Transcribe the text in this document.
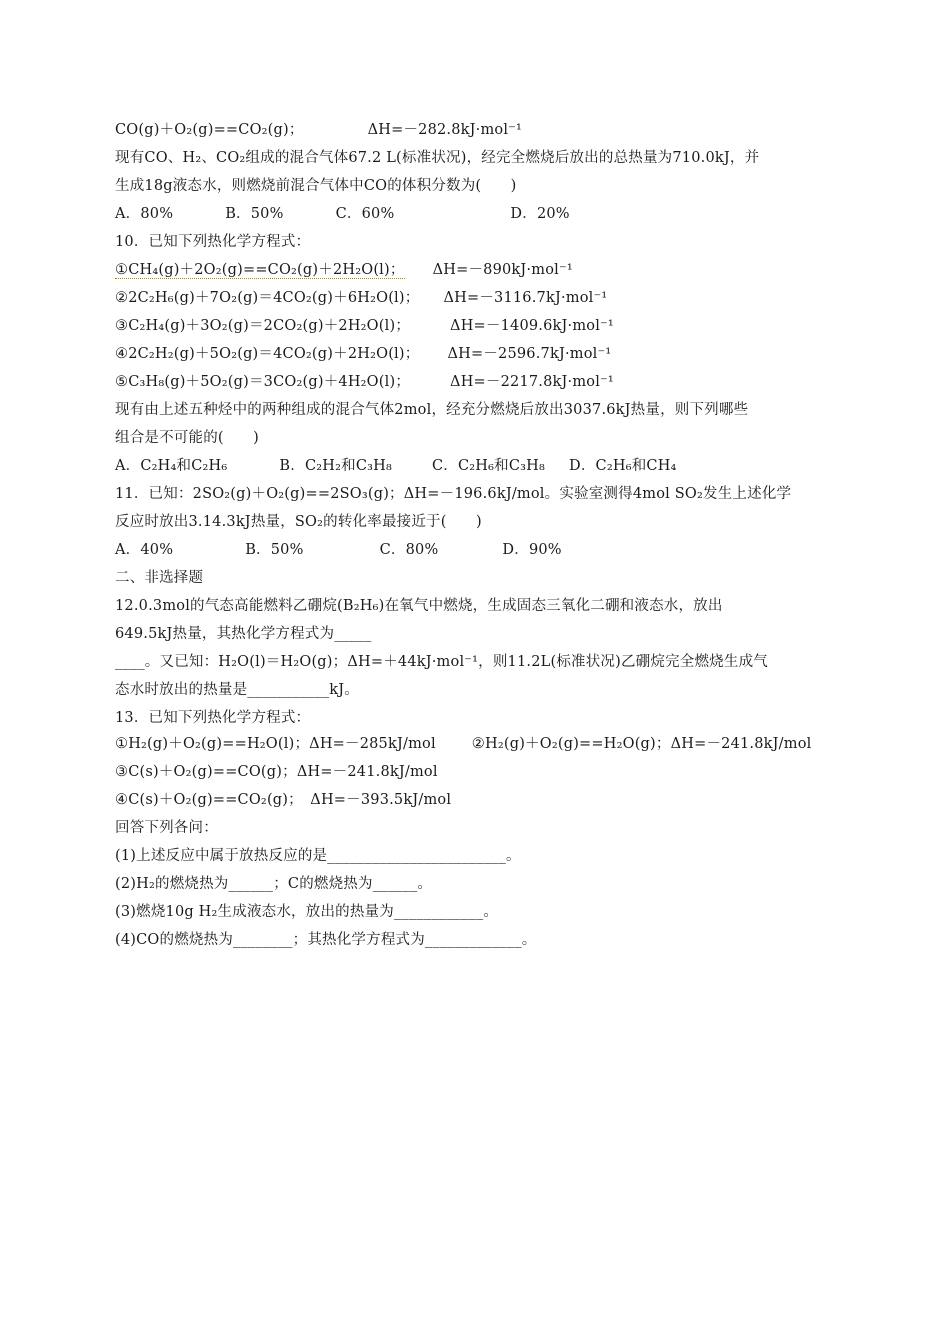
CO(g)＋O₂(g)==CO₂(g)；	ΔH=－282.8kJ·mol⁻¹
现有CO、H₂、CO₂组成的混合气体67.2 L(标准状况)，经完全燃烧后放出的总热量为710.0kJ，并
生成18g液态水，则燃烧前混合气体中CO的体积分数为(　　)
A．80%	B．50%	C．60%	D．20%
10．已知下列热化学方程式：
①CH₄(g)＋2O₂(g)==CO₂(g)＋2H₂O(l)； ΔH=－890kJ·mol⁻¹
②2C₂H₆(g)＋7O₂(g)＝4CO₂(g)＋6H₂O(l)； ΔH=－3116.7kJ·mol⁻¹
③C₂H₄(g)＋3O₂(g)＝2CO₂(g)＋2H₂O(l)；	ΔH=－1409.6kJ·mol⁻¹
④2C₂H₂(g)＋5O₂(g)＝4CO₂(g)＋2H₂O(l)； ΔH=－2596.7kJ·mol⁻¹
⑤C₃H₈(g)＋5O₂(g)＝3CO₂(g)＋4H₂O(l)；	ΔH=－2217.8kJ·mol⁻¹
现有由上述五种烃中的两种组成的混合气体2mol，经充分燃烧后放出3037.6kJ热量，则下列哪些
组合是不可能的(　　)
A．C₂H₄和C₂H₆	B．C₂H₂和C₃H₈	C．C₂H₆和C₃H₈ D．C₂H₆和CH₄
11．已知：2SO₂(g)＋O₂(g)==2SO₃(g)；ΔH=－196.6kJ/mol。实验室测得4mol SO₂发生上述化学
反应时放出3.14.3kJ热量，SO₂的转化率最接近于(　　)
A．40%	B．50%	C．80%	D．90%
二、非选择题
12.0.3mol的气态高能燃料乙硼烷(B₂H₆)在氧气中燃烧，生成固态三氧化二硼和液态水，放出
649.5kJ热量，其热化学方程式为_____
____。又已知：H₂O(l)＝H₂O(g)；ΔH=＋44kJ·mol⁻¹，则11.2L(标准状况)乙硼烷完全燃烧生成气
态水时放出的热量是___________kJ。
13．已知下列热化学方程式：
①H₂(g)＋O₂(g)==H₂O(l)；ΔH=－285kJ/mol ②H₂(g)＋O₂(g)==H₂O(g)；ΔH=－241.8kJ/mol
③C(s)＋O₂(g)==CO(g)；ΔH=－241.8kJ/mol
④C(s)＋O₂(g)==CO₂(g)；　ΔH=－393.5kJ/mol
回答下列各问：
(1)上述反应中属于放热反应的是________________________。
(2)H₂的燃烧热为______；C的燃烧热为______。
(3)燃烧10g H₂生成液态水，放出的热量为____________。
(4)CO的燃烧热为________；其热化学方程式为_____________。
